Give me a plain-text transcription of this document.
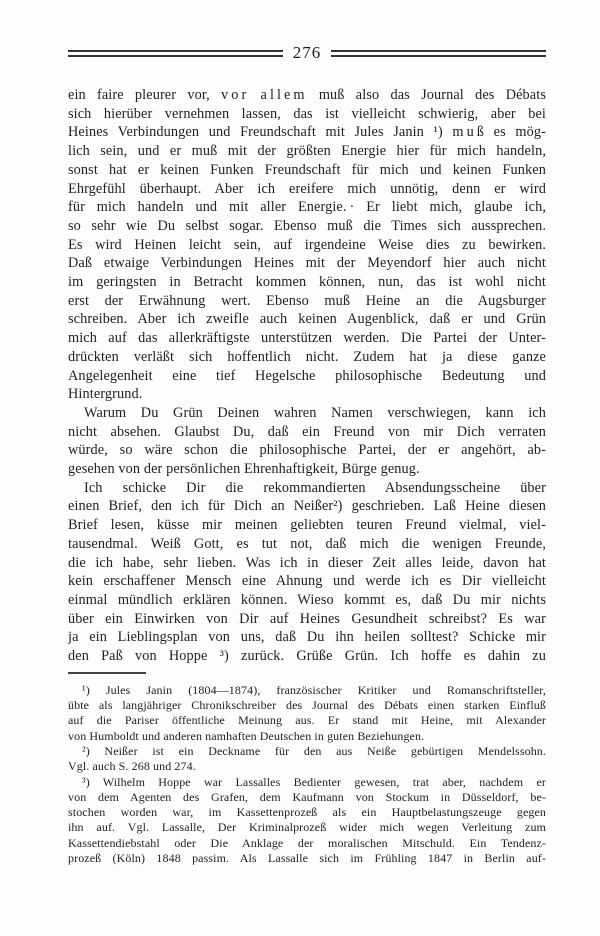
276
ein faire pleurer vor, v o r  a l l e m  muß also das Journal des Débats
sich hierüber vernehmen lassen, das ist vielleicht schwierig, aber bei
Heines Verbindungen und Freundschaft mit Jules Janin ¹) m u ß es mög-
lich sein, und er muß mit der größten Energie hier für mich handeln,
sonst hat er keinen Funken Freundschaft für mich und keinen Funken
Ehrgefühl überhaupt. Aber ich ereifere mich unnötig, denn er wird
für mich handeln und mit aller Energie. · Er liebt mich, glaube ich,
so sehr wie Du selbst sogar. Ebenso muß die Times sich aussprechen.
Es wird Heinen leicht sein, auf irgendeine Weise dies zu bewirken.
Daß etwaige Verbindungen Heines mit der Meyendorf hier auch nicht
im geringsten in Betracht kommen können, nun, das ist wohl nicht
erst der Erwähnung wert. Ebenso muß Heine an die Augsburger
schreiben. Aber ich zweifle auch keinen Augenblick, daß er und Grün
mich auf das allerkräftigste unterstützen werden. Die Partei der Unter-
drückten verläßt sich hoffentlich nicht. Zudem hat ja diese ganze
Angelegenheit eine tief Hegelsche philosophische Bedeutung und
Hintergrund.
Warum Du Grün Deinen wahren Namen verschwiegen, kann ich
nicht absehen. Glaubst Du, daß ein Freund von mir Dich verraten
würde, so wäre schon die philosophische Partei, der er angehört, ab-
gesehen von der persönlichen Ehrenhaftigkeit, Bürge genug.
Ich schicke Dir die rekommandierten Absendungsscheine über
einen Brief, den ich für Dich an Neißer²) geschrieben. Laß Heine diesen
Brief lesen, küsse mir meinen geliebten teuren Freund vielmal, viel-
tausendmal. Weiß Gott, es tut not, daß mich die wenigen Freunde,
die ich habe, sehr lieben. Was ich in dieser Zeit alles leide, davon hat
kein erschaffener Mensch eine Ahnung und werde ich es Dir vielleicht
einmal mündlich erklären können. Wieso kommt es, daß Du mir nichts
über ein Einwirken von Dir auf Heines Gesundheit schreibst? Es war
ja ein Lieblingsplan von uns, daß Du ihn heilen solltest? Schicke mir
den Paß von Hoppe ³) zurück. Grüße Grün. Ich hoffe es dahin zu
¹) Jules Janin (1804—1874), französischer Kritiker und Romanschriftsteller,
übte als langjähriger Chronikschreiber des Journal des Débats einen starken Einfluß
auf die Pariser öffentliche Meinung aus. Er stand mit Heine, mit Alexander
von Humboldt und anderen namhaften Deutschen in guten Beziehungen.
²) Neißer ist ein Deckname für den aus Neiße gebürtigen Mendelssohn.
Vgl. auch S. 268 und 274.
³) Wilhelm Hoppe war Lassalles Bedienter gewesen, trat aber, nachdem er
von dem Agenten des Grafen, dem Kaufmann von Stockum in Düsseldorf, be-
stochen worden war, im Kassettenprozeß als ein Hauptbelastungszeuge gegen
ihn auf. Vgl. Lassalle, Der Kriminalprozeß wider mich wegen Verleitung zum
Kassettendiebstahl oder Die Anklage der moralischen Mitschuld. Ein Tendenz-
prozeß (Köln) 1848 passim. Als Lassalle sich im Frühling 1847 in Berlin auf-
